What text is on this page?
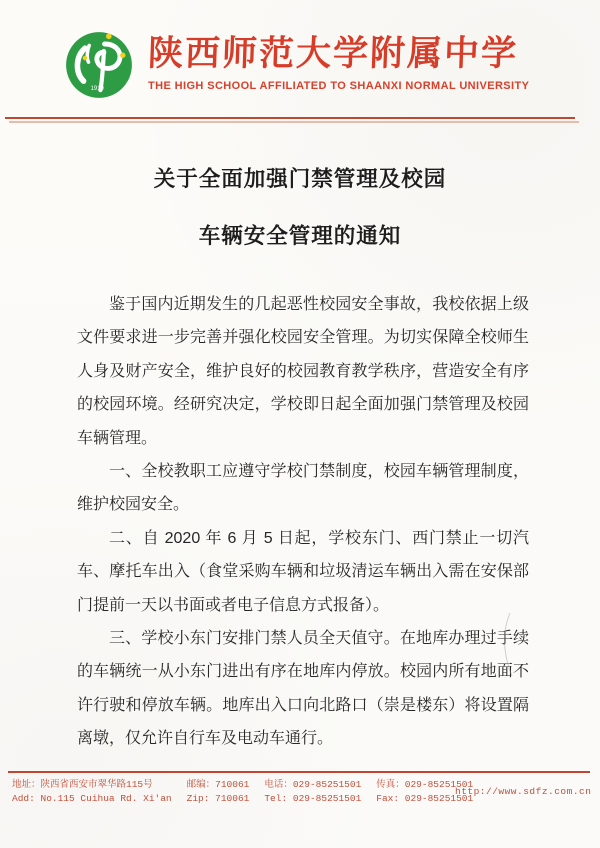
1910
陕西师范大学附属中学
THE HIGH SCHOOL AFFILIATED TO SHAANXI NORMAL UNIVERSITY
关于全面加强门禁管理及校园
车辆安全管理的通知

鉴于国内近期发生的几起恶性校园安全事故，我校依据上级文件要求进一步完善并强化校园安全管理。为切实保障全校师生人身及财产安全，维护良好的校园教育教学秩序，营造安全有序的校园环境。经研究决定，学校即日起全面加强门禁管理及校园车辆管理。

一、全校教职工应遵守学校门禁制度，校园车辆管理制度，维护校园安全。

二、自 2020 年 6 月 5 日起，学校东门、西门禁止一切汽车、摩托车出入（食堂采购车辆和垃圾清运车辆出入需在安保部门提前一天以书面或者电子信息方式报备）。

三、学校小东门安排门禁人员全天值守。在地库办理过手续的车辆统一从小东门进出有序在地库内停放。校园内所有地面不许行驶和停放车辆。地库出入口向北路口（崇是楼东）将设置隔离墩，仅允许自行车及电动车通行。

地址：陕西省西安市翠华路115号	邮编：710061 电话：029-85251501 传真：029-85251501
Add: No.115 Cuihua Rd. Xi'an Zip: 710061 Tel: 029-85251501 Fax: 029-85251501
http://www.sdfz.com.cn
